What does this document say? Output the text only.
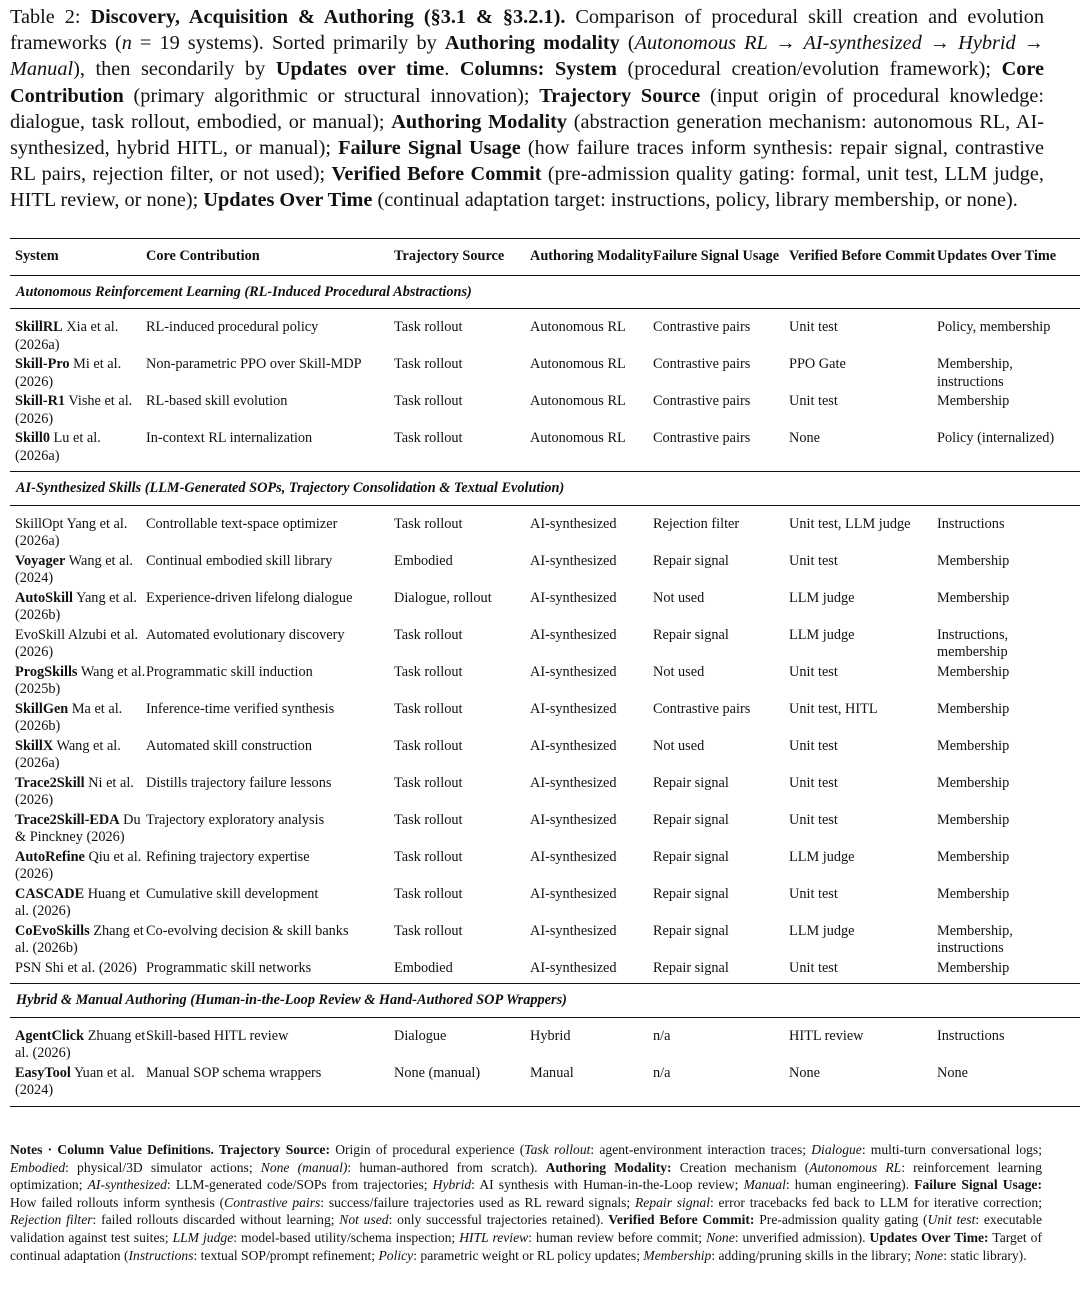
Table 2: Discovery, Acquisition & Authoring (§3.1 & §3.2.1). Comparison of procedural skill creation and evolution frameworks (n = 19 systems). Sorted primarily by Authoring modality (Autonomous RL → AI-synthesized → Hybrid → Manual), then secondarily by Updates over time. Columns: System (procedural creation/evolution framework); Core Contribution (primary algorithmic or structural innovation); Trajectory Source (input origin of procedural knowledge: dialogue, task rollout, embodied, or manual); Authoring Modality (abstraction generation mechanism: autonomous RL, AI-synthesized, hybrid HITL, or manual); Failure Signal Usage (how failure traces inform synthesis: repair signal, contrastive RL pairs, rejection filter, or not used); Verified Before Commit (pre-admission quality gating: formal, unit test, LLM judge, HITL review, or none); Updates Over Time (continual adaptation target: instructions, policy, library membership, or none).
System	Core Contribution	Trajectory Source	Authoring Modality	Failure Signal Usage	Verified Before Commit	Updates Over Time
Autonomous Reinforcement Learning (RL-Induced Procedural Abstractions)						
SkillRL Xia et al. (2026a)	RL-induced procedural policy	Task rollout	Autonomous RL	Contrastive pairs	Unit test	Policy, membership
Skill-Pro Mi et al. (2026)	Non-parametric PPO over Skill-MDP	Task rollout	Autonomous RL	Contrastive pairs	PPO Gate	Membership, instructions
Skill-R1 Vishe et al. (2026)	RL-based skill evolution	Task rollout	Autonomous RL	Contrastive pairs	Unit test	Membership
Skill0 Lu et al. (2026a)	In-context RL internalization	Task rollout	Autonomous RL	Contrastive pairs	None	Policy (internalized)
AI-Synthesized Skills (LLM-Generated SOPs, Trajectory Consolidation & Textual Evolution)						
SkillOpt Yang et al. (2026a)	Controllable text-space optimizer	Task rollout	AI-synthesized	Rejection filter	Unit test, LLM judge	Instructions
Voyager Wang et al. (2024)	Continual embodied skill library	Embodied	AI-synthesized	Repair signal	Unit test	Membership
AutoSkill Yang et al. (2026b)	Experience-driven lifelong dialogue	Dialogue, rollout	AI-synthesized	Not used	LLM judge	Membership
EvoSkill Alzubi et al. (2026)	Automated evolutionary discovery	Task rollout	AI-synthesized	Repair signal	LLM judge	Instructions, membership
ProgSkills Wang et al. (2025b)	Programmatic skill induction	Task rollout	AI-synthesized	Not used	Unit test	Membership
SkillGen Ma et al. (2026b)	Inference-time verified synthesis	Task rollout	AI-synthesized	Contrastive pairs	Unit test, HITL	Membership
SkillX Wang et al. (2026a)	Automated skill construction	Task rollout	AI-synthesized	Not used	Unit test	Membership
Trace2Skill Ni et al. (2026)	Distills trajectory failure lessons	Task rollout	AI-synthesized	Repair signal	Unit test	Membership
Trace2Skill-EDA Du & Pinckney (2026)	Trajectory exploratory analysis	Task rollout	AI-synthesized	Repair signal	Unit test	Membership
AutoRefine Qiu et al. (2026)	Refining trajectory expertise	Task rollout	AI-synthesized	Repair signal	LLM judge	Membership
CASCADE Huang et al. (2026)	Cumulative skill development	Task rollout	AI-synthesized	Repair signal	Unit test	Membership
CoEvoSkills Zhang et al. (2026b)	Co-evolving decision & skill banks	Task rollout	AI-synthesized	Repair signal	LLM judge	Membership, instructions
PSN Shi et al. (2026)	Programmatic skill networks	Embodied	AI-synthesized	Repair signal	Unit test	Membership
Hybrid & Manual Authoring (Human-in-the-Loop Review & Hand-Authored SOP Wrappers)						
AgentClick Zhuang et al. (2026)	Skill-based HITL review	Dialogue	Hybrid	n/a	HITL review	Instructions
EasyTool Yuan et al. (2024)	Manual SOP schema wrappers	None (manual)	Manual	n/a	None	None
Notes · Column Value Definitions. Trajectory Source: Origin of procedural experience (Task rollout: agent-environment interaction traces; Dialogue: multi-turn conversational logs; Embodied: physical/3D simulator actions; None (manual): human-authored from scratch). Authoring Modality: Creation mechanism (Autonomous RL: reinforcement learning optimization; AI-synthesized: LLM-generated code/SOPs from trajectories; Hybrid: AI synthesis with Human-in-the-Loop review; Manual: human engineering). Failure Signal Usage: How failed rollouts inform synthesis (Contrastive pairs: success/failure trajectories used as RL reward signals; Repair signal: error tracebacks fed back to LLM for iterative correction; Rejection filter: failed rollouts discarded without learning; Not used: only successful trajectories retained). Verified Before Commit: Pre-admission quality gating (Unit test: executable validation against test suites; LLM judge: model-based utility/schema inspection; HITL review: human review before commit; None: unverified admission). Updates Over Time: Target of continual adaptation (Instructions: textual SOP/prompt refinement; Policy: parametric weight or RL policy updates; Membership: adding/pruning skills in the library; None: static library).
